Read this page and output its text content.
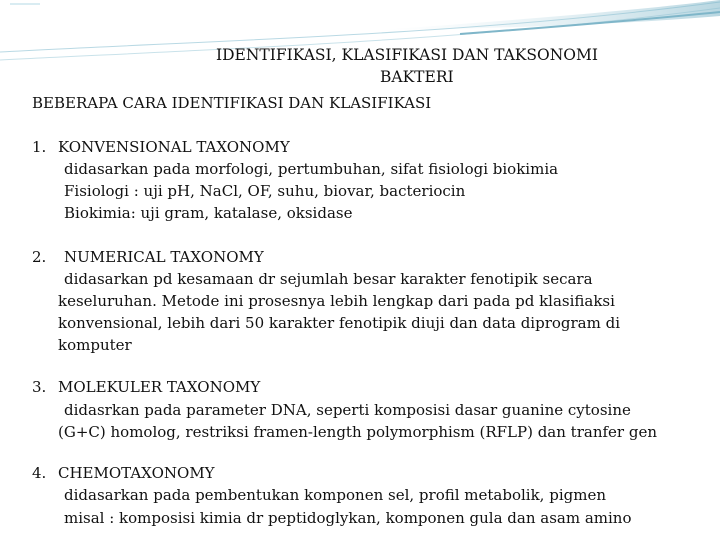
IDENTIFIKASI, KLASIFIKASI DAN TAKSONOMI
BAKTERI
BEBERAPA CARA IDENTIFIKASI DAN KLASIFIKASI
1. KONVENSIONAL TAXONOMY
didasarkan pada morfologi, pertumbuhan, sifat fisiologi biokimia
Fisiologi : uji pH, NaCl, OF, suhu, biovar, bacteriocin
Biokimia: uji gram, katalase, oksidase
2. NUMERICAL TAXONOMY
didasarkan pd kesamaan dr sejumlah besar karakter fenotipik secara
keseluruhan. Metode ini prosesnya lebih lengkap dari pada pd klasifiaksi
konvensional, lebih dari 50 karakter fenotipik diuji dan data diprogram di
komputer
3. MOLEKULER TAXONOMY
didasrkan pada parameter DNA, seperti komposisi dasar guanine cytosine
(G+C) homolog, restriksi framen-length polymorphism (RFLP) dan tranfer gen
4. CHEMOTAXONOMY
didasarkan pada pembentukan komponen sel, profil metabolik, pigmen
misal : komposisi kimia dr peptidoglykan, komponen gula dan asam amino
